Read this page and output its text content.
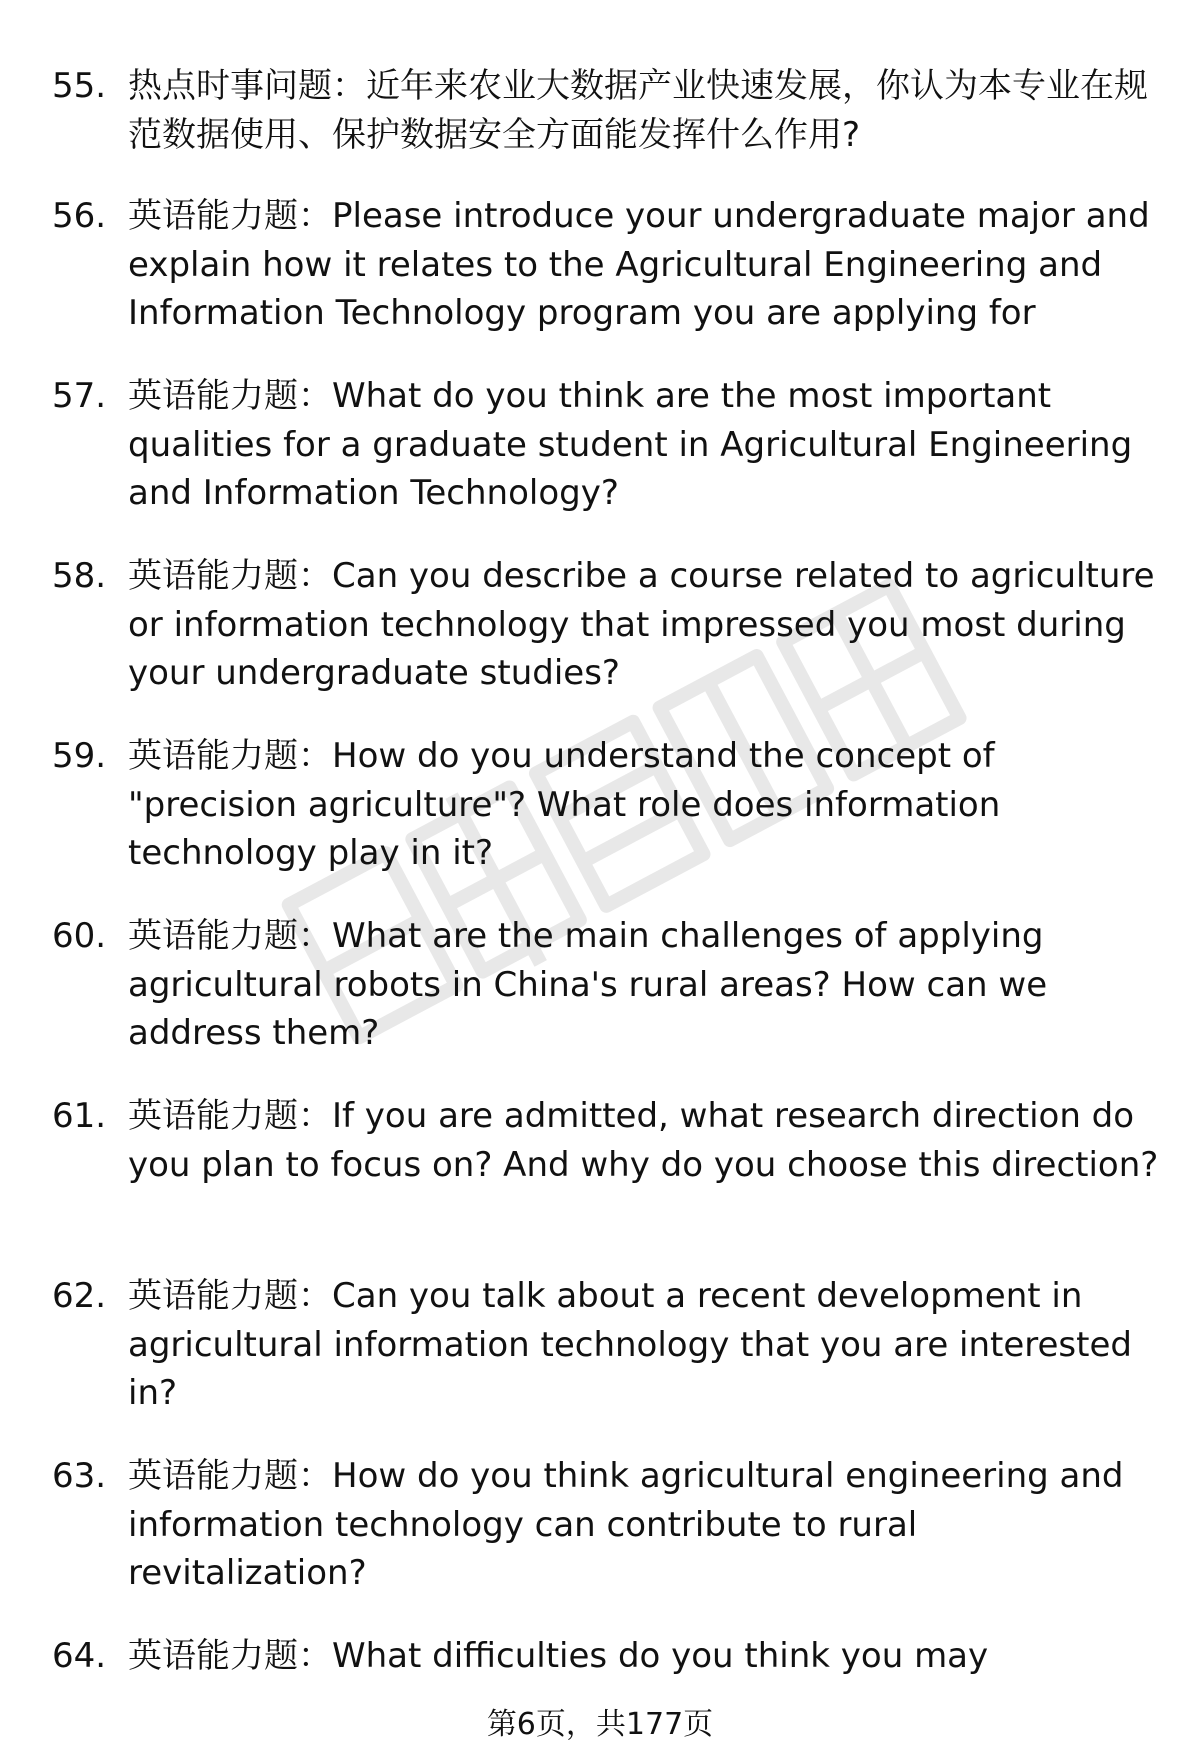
55. 热点时事问题：近年来农业大数据产业快速发展，你认为本专业在规范数据使用、保护数据安全方面能发挥什么作用?
56. 英语能力题：Please introduce your undergraduate major and explain how it relates to the Agricultural Engineering and Information Technology program you are applying for
57. 英语能力题：What do you think are the most important qualities for a graduate student in Agricultural Engineering and Information Technology?
58. 英语能力题：Can you describe a course related to agriculture or information technology that impressed you most during your undergraduate studies?
59. 英语能力题：How do you understand the concept of "precision agriculture"? What role does information technology play in it?
60. 英语能力题：What are the main challenges of applying agricultural robots in China's rural areas? How can we address them?
61. 英语能力题：If you are admitted, what research direction do you plan to focus on? And why do you choose this direction?
62. 英语能力题：Can you talk about a recent development in agricultural information technology that you are interested in?
63. 英语能力题：How do you think agricultural engineering and information technology can contribute to rural revitalization?
64. 英语能力题：What difficulties do you think you may
第6页，共177页
